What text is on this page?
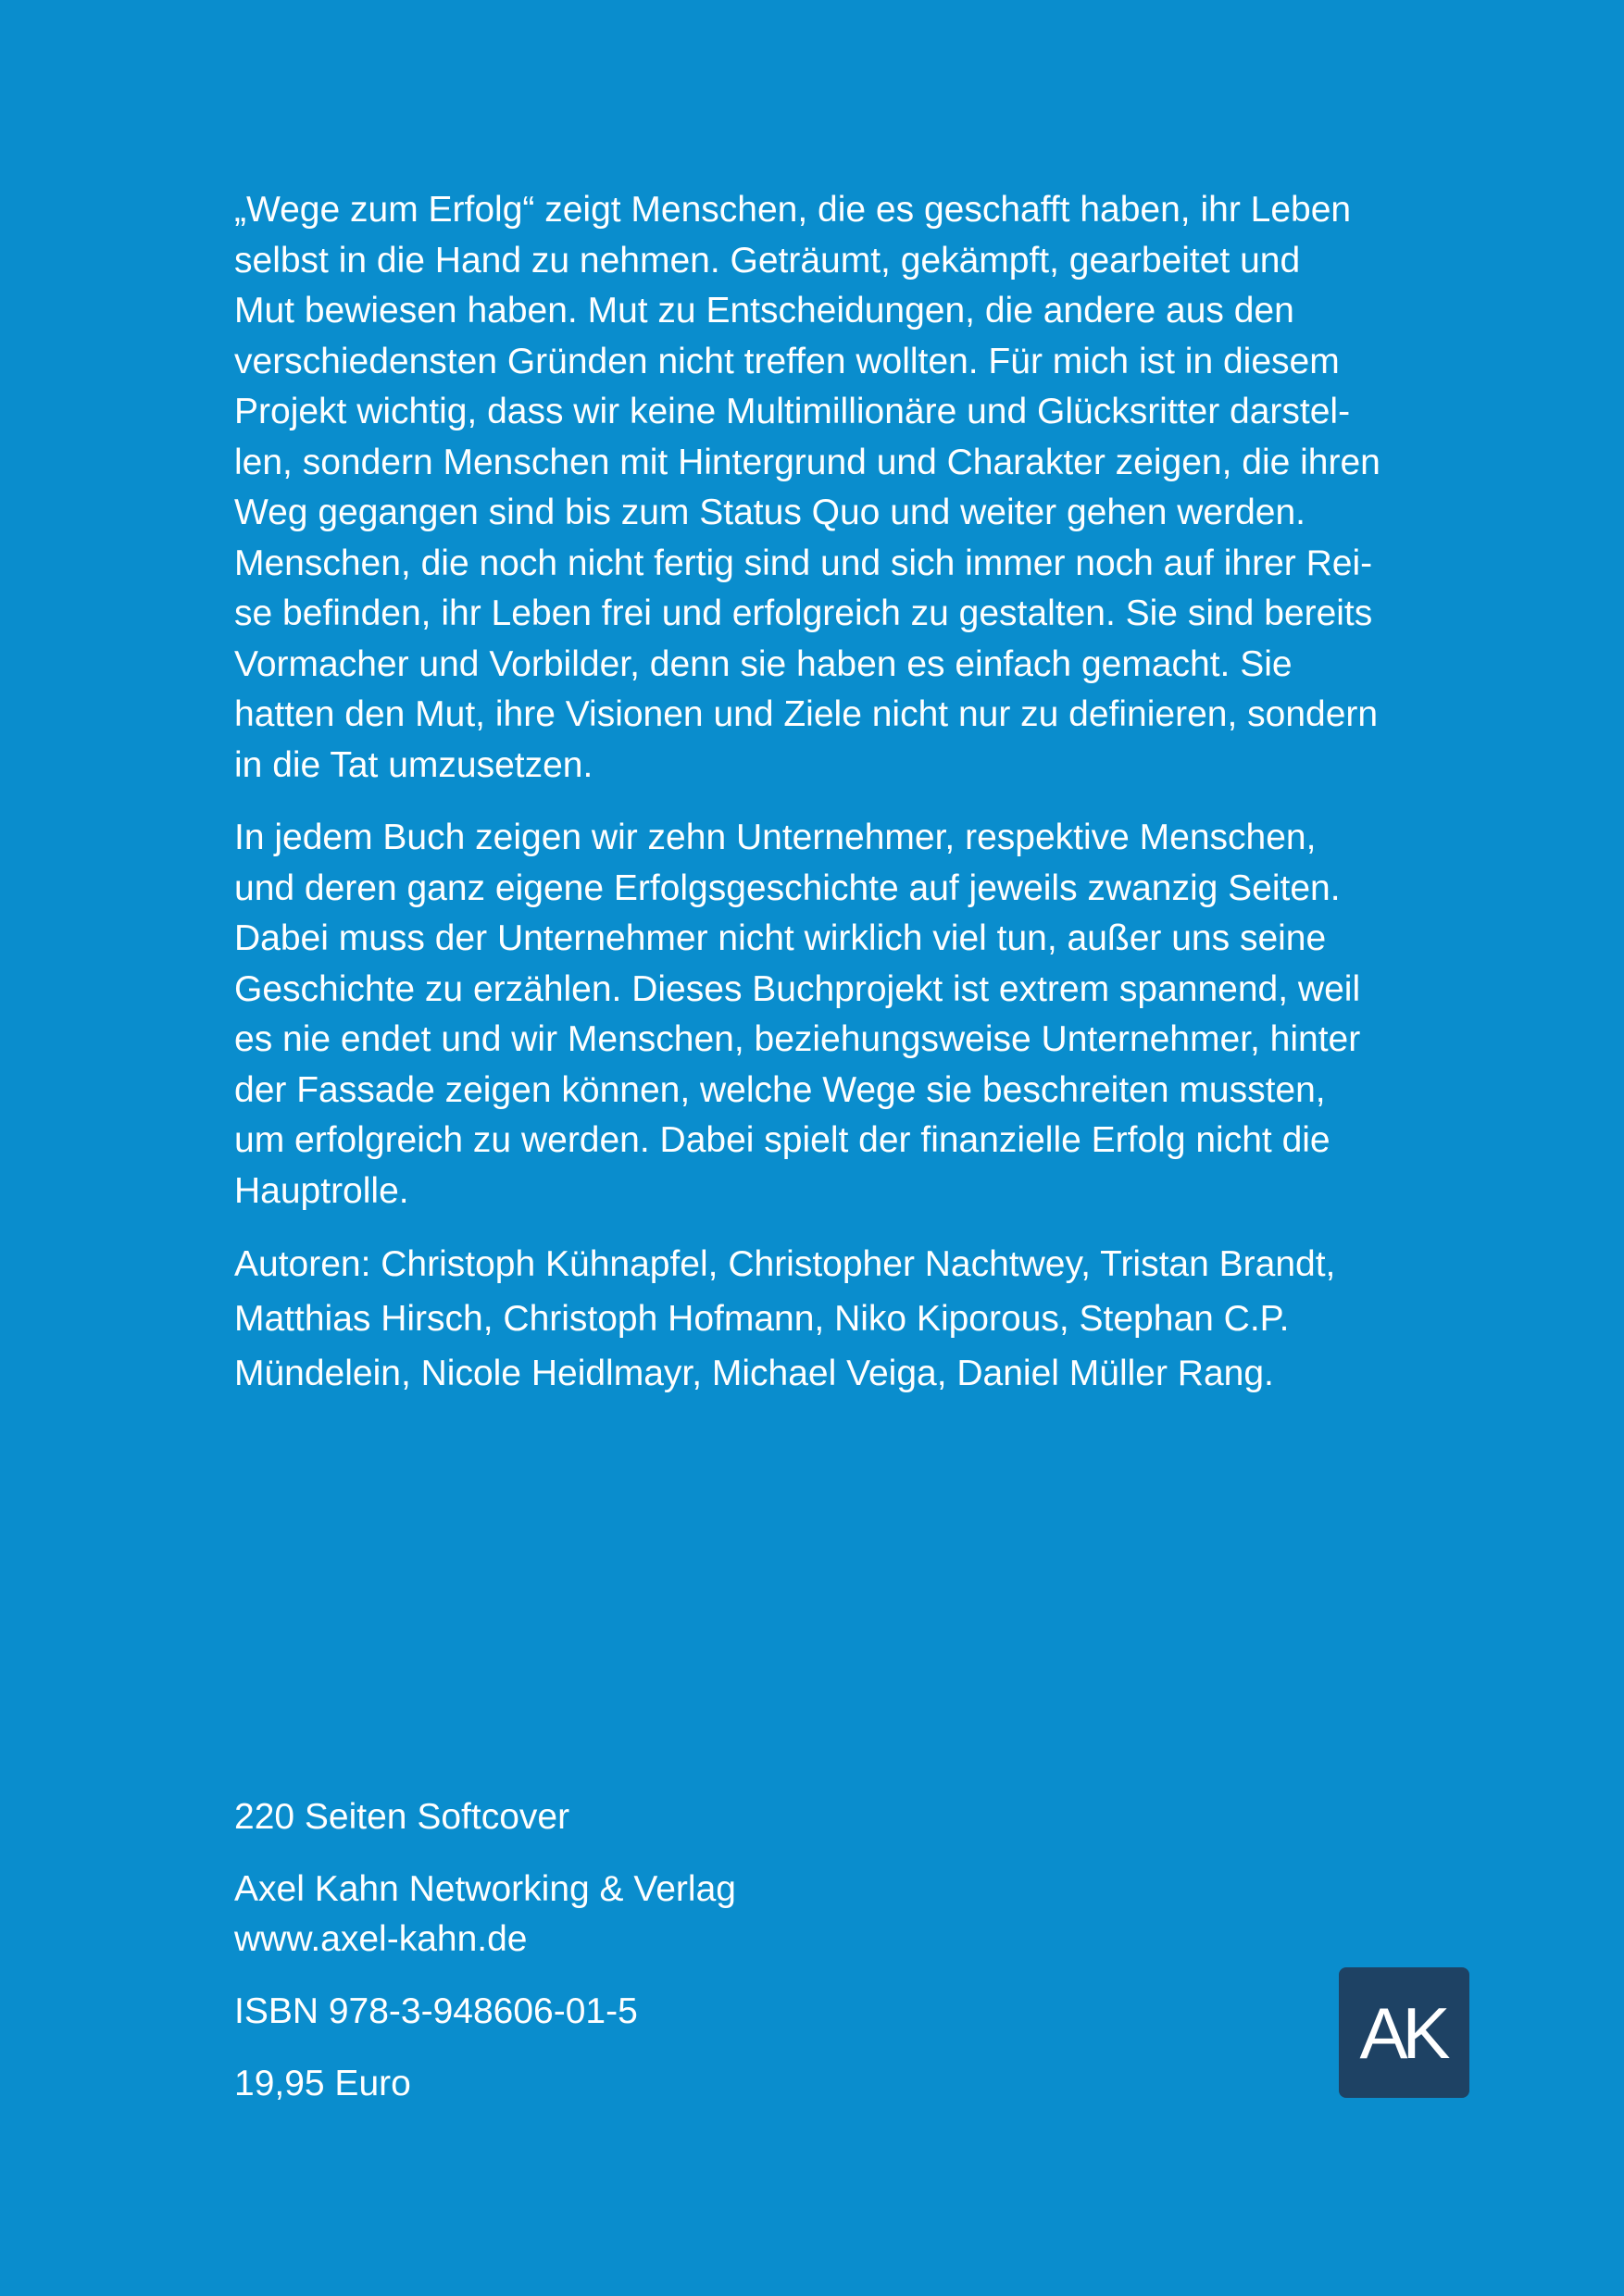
„Wege zum Erfolg“ zeigt Menschen, die es geschafft haben, ihr Leben
selbst in die Hand zu nehmen. Geträumt, gekämpft, gearbeitet und
Mut bewiesen haben. Mut zu Entscheidungen, die andere aus den
verschiedensten Gründen nicht treffen wollten. Für mich ist in diesem
Projekt wichtig, dass wir keine Multimillionäre und Glücksritter darstel-
len, sondern Menschen mit Hintergrund und Charakter zeigen, die ihren
Weg gegangen sind bis zum Status Quo und weiter gehen werden.
Menschen, die noch nicht fertig sind und sich immer noch auf ihrer Rei-
se befinden, ihr Leben frei und erfolgreich zu gestalten. Sie sind bereits
Vormacher und Vorbilder, denn sie haben es einfach gemacht. Sie
hatten den Mut, ihre Visionen und Ziele nicht nur zu definieren, sondern
in die Tat umzusetzen.

In jedem Buch zeigen wir zehn Unternehmer, respektive Menschen,
und deren ganz eigene Erfolgsgeschichte auf jeweils zwanzig Seiten.
Dabei muss der Unternehmer nicht wirklich viel tun, außer uns seine
Geschichte zu erzählen. Dieses Buchprojekt ist extrem spannend, weil
es nie endet und wir Menschen, beziehungsweise Unternehmer, hinter
der Fassade zeigen können, welche Wege sie beschreiten mussten,
um erfolgreich zu werden. Dabei spielt der finanzielle Erfolg nicht die
Hauptrolle.

Autoren: Christoph Kühnapfel, Christopher Nachtwey, Tristan Brandt,
Matthias Hirsch, Christoph Hofmann, Niko Kiporous, Stephan C.P.
Mündelein, Nicole Heidlmayr, Michael Veiga, Daniel Müller Rang.

220 Seiten Softcover

Axel Kahn Networking & Verlag
www.axel-kahn.de

ISBN 978-3-948606-01-5

19,95 Euro

AK
